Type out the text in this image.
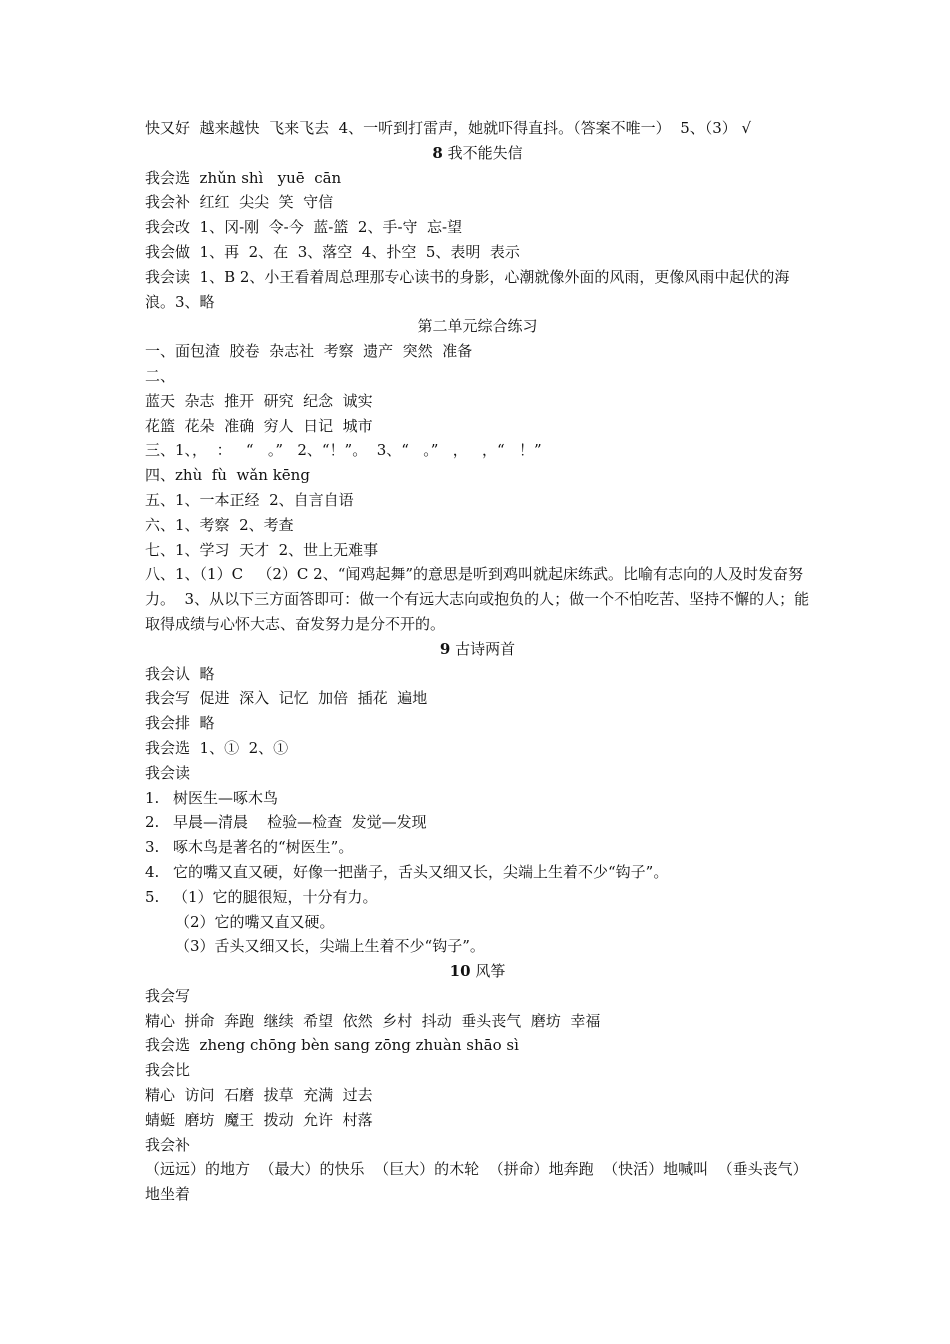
快又好  越来越快  飞来飞去  4、一听到打雷声，她就吓得直抖。（答案不唯一）  5、（3） √
8 我不能失信
我会选  zhǔn shì   yuē  cān
我会补  红红  尖尖  笑  守信
我会改  1、冈-刚  令-今  蓝-篮  2、手-守  忘-望
我会做  1、再  2、在  3、落空  4、扑空  5、表明  表示
我会读  1、B 2、小王看着周总理那专心读书的身影，心潮就像外面的风雨，更像风雨中起伏的海浪。3、略
第二单元综合练习
一、面包渣  胶卷  杂志社  考察  遗产  突然  准备
二、
蓝天  杂志  推开  研究  纪念  诚实
花篮  花朵  准确  穷人  日记  城市
三、1、，  ：   “   。”   2、“！”。  3、“   。”   ，   ，“   ！”
四、zhù  fù  wǎn kēng
五、1、一本正经  2、自言自语
六、1、考察  2、考查
七、1、学习  天才  2、世上无难事
八、1、（1）C   （2）C 2、“闻鸡起舞”的意思是听到鸡叫就起床练武。比喻有志向的人及时发奋努力。  3、从以下三方面答即可：做一个有远大志向或抱负的人；做一个不怕吃苦、坚持不懈的人；能取得成绩与心怀大志、奋发努力是分不开的。
9 古诗两首
我会认  略
我会写  促进  深入  记忆  加倍  插花  遍地
我会排  略
我会选  1、①  2、①
我会读
1. 树医生—啄木鸟
2. 早晨—清晨    检验—检查  发觉—发现
3. 啄木鸟是著名的“树医生”。
4. 它的嘴又直又硬，好像一把凿子，舌头又细又长，尖端上生着不少“钩子”。
5. （1）它的腿很短，十分有力。
（2）它的嘴又直又硬。
（3）舌头又细又长，尖端上生着不少“钩子”。
10 风筝
我会写
精心  拼命  奔跑  继续  希望  依然  乡村  抖动  垂头丧气  磨坊  幸福
我会选  zheng chōng bèn sang zōng zhuàn shāo sì
我会比
精心  访问  石磨  拔草  充满  过去
蜻蜓  磨坊  魔王  拨动  允许  村落
我会补
（远远）的地方  （最大）的快乐  （巨大）的木轮  （拼命）地奔跑  （快活）地喊叫  （垂头丧气）地坐着
